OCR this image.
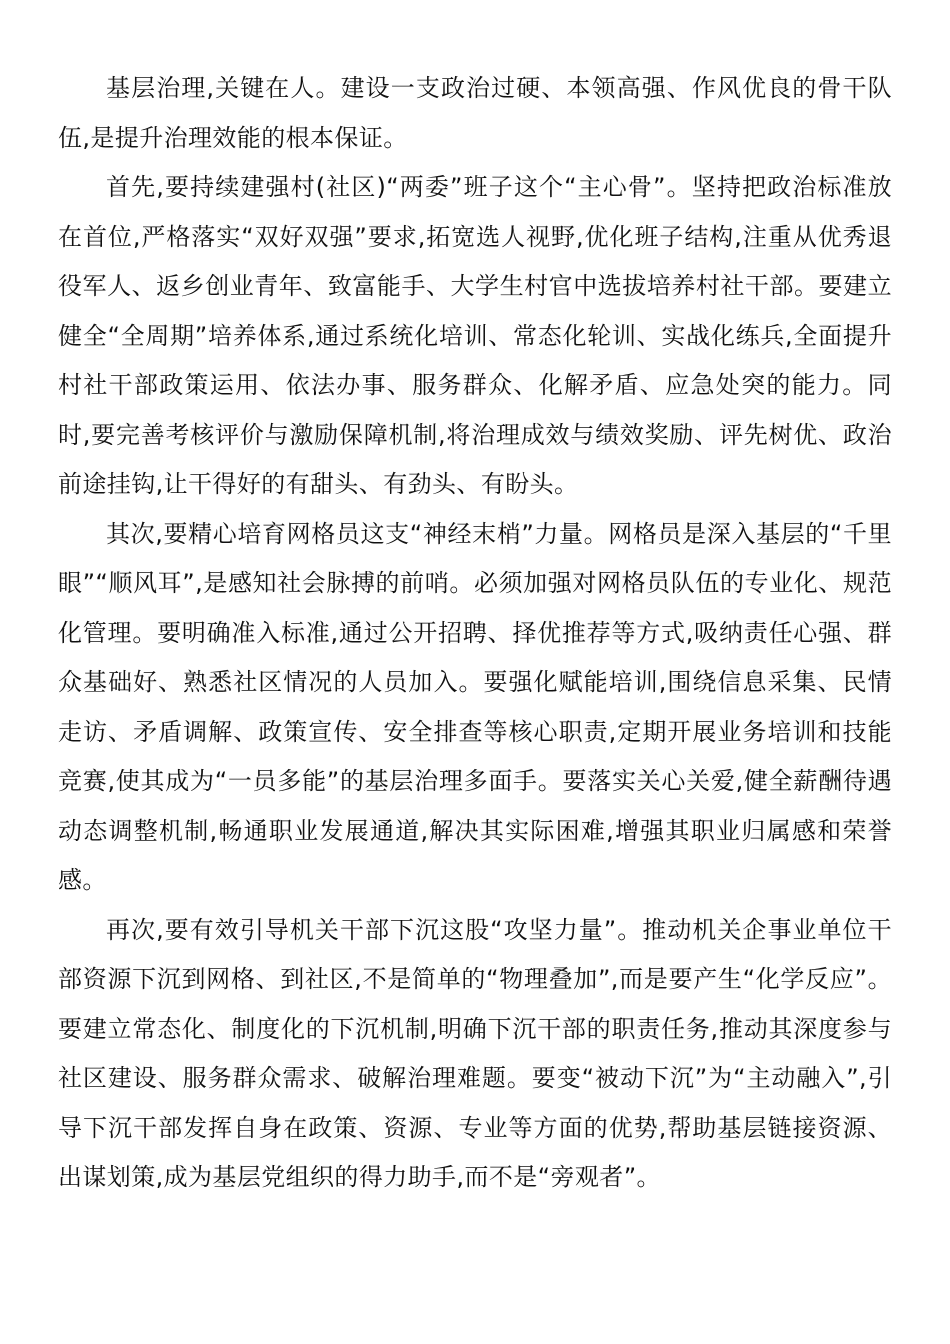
基层治理,关键在人。建设一支政治过硬、本领高强、作风优良的骨干队伍,是提升治理效能的根本保证。

首先,要持续建强村(社区)“两委”班子这个“主心骨”。坚持把政治标准放在首位,严格落实“双好双强”要求,拓宽选人视野,优化班子结构,注重从优秀退役军人、返乡创业青年、致富能手、大学生村官中选拔培养村社干部。要建立健全“全周期”培养体系,通过系统化培训、常态化轮训、实战化练兵,全面提升村社干部政策运用、依法办事、服务群众、化解矛盾、应急处突的能力。同时,要完善考核评价与激励保障机制,将治理成效与绩效奖励、评先树优、政治前途挂钩,让干得好的有甜头、有劲头、有盼头。

其次,要精心培育网格员这支“神经末梢”力量。网格员是深入基层的“千里眼”“顺风耳”,是感知社会脉搏的前哨。必须加强对网格员队伍的专业化、规范化管理。要明确准入标准,通过公开招聘、择优推荐等方式,吸纳责任心强、群众基础好、熟悉社区情况的人员加入。要强化赋能培训,围绕信息采集、民情走访、矛盾调解、政策宣传、安全排查等核心职责,定期开展业务培训和技能竞赛,使其成为“一员多能”的基层治理多面手。要落实关心关爱,健全薪酬待遇动态调整机制,畅通职业发展通道,解决其实际困难,增强其职业归属感和荣誉感。

再次,要有效引导机关干部下沉这股“攻坚力量”。推动机关企事业单位干部资源下沉到网格、到社区,不是简单的“物理叠加”,而是要产生“化学反应”。要建立常态化、制度化的下沉机制,明确下沉干部的职责任务,推动其深度参与社区建设、服务群众需求、破解治理难题。要变“被动下沉”为“主动融入”,引导下沉干部发挥自身在政策、资源、专业等方面的优势,帮助基层链接资源、出谋划策,成为基层党组织的得力助手,而不是“旁观者”。
